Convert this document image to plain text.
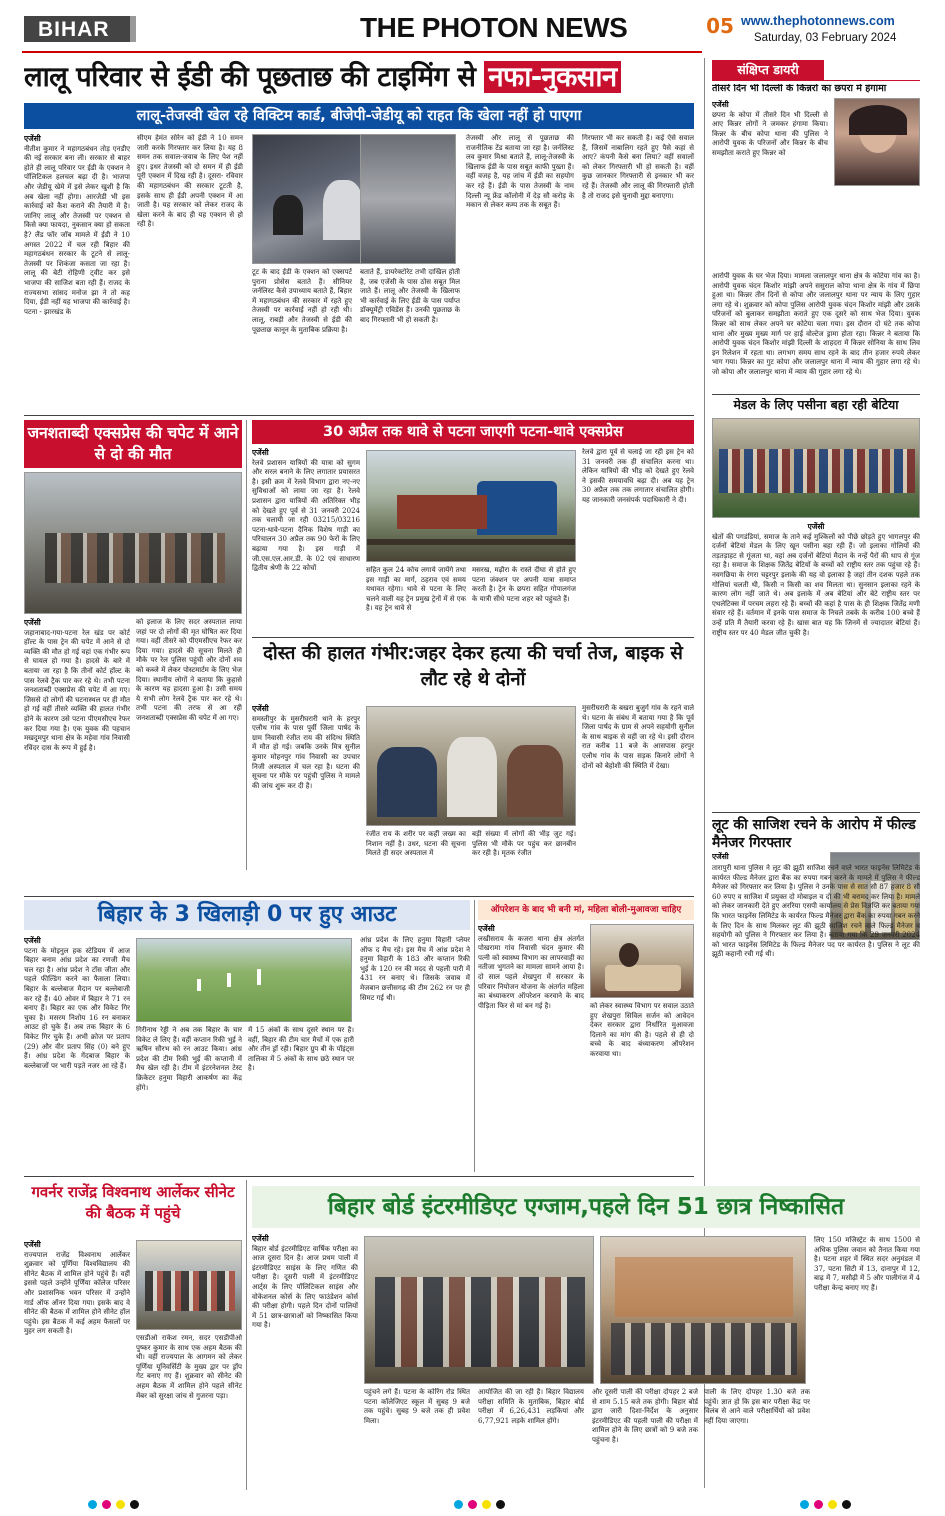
BIHAR	THE PHOTON NEWS	05 www.thephotonnews.com
Saturday, 03 February 2024
लालू परिवार से ईडी की पूछताछ की टाइमिंग से नफा-नुकसान
लालू-तेजस्वी खेल रहे विक्टिम कार्ड, बीजेपी-जेडीयू को राहत कि खेला नहीं हो पाएगा
एजेंसी
नीतीश कुमार ने महागठबंधन तोड़ एनडीए की नई सरकार बना ली। सरकार से बाहर होते ही लालू परिवार पर ईडी के एक्शन ने पॉलिटिकल हलचल बढ़ा दी है। भाजपा और जेडीयू खेमे में इसे लेकर खुशी है कि अब खेला नहीं होगा। आरजेडी भी इस कार्रवाई को कैश कराने की तैयारी में है। जानिए लालू और तेजस्वी पर एक्शन से किसे क्या फायदा, नुकसान क्या हो सकता है? लैंड फॉर जॉब मामले में ईडी ने 10 अगस्त 2022 में चल रही बिहार की महागठबंधन सरकार के टूटने से लालू-तेजस्वी पर शिकंजा कसता जा रहा है। लालू की बेटी रोहिणी ट्वीट कर इसे भाजपा की साजिश बता रही हैं। राजद के राज्यसभा सांसद मनोज झा ने तो कह दिया, ईडी नहीं यह भाजपा की कार्रवाई है। पटना - झारखंड के
सीएम हेमंत सोरेन को ईडी ने 10 समन जारी करके गिरफ्तार कर लिया है। यह 8 समन तक सवाल-जवाब के लिए पेश नहीं हुए। इधर तेजस्वी को दो समन में ही ईडी पूरी एक्शन में दिख रही है। दूसरा- रविवार की महागठबंधन की सरकार टूटती है, इसके साथ ही ईडी अपनी एक्शन में आ जाती है। यह सरकार को लेकर राजद के खेला करने के बाद ही यह एक्शन से हो रही है।
टूट के बाद ईडी के एक्शन को एक्सपर्ट पुराना प्रोसेस बताते हैं। सीनियर जर्नलिस्ट कैसे उपाध्याय बताते हैं, बिहार में महागठबंधन की सरकार में रहते हुए तेजस्वी पर कार्रवाई नहीं हो रही थी। लालू, राबड़ी और तेजस्वी से ईडी की पूछताछ कानून के मुताबिक प्रक्रिया है।
बताते हैं, डायरेक्टोरेट तभी दाखिल होती है, जब एजेंसी के पास ठोस सबूत मिल जाते हैं। लालू और तेजस्वी के खिलाफ भी कार्रवाई के लिए ईडी के पास पर्याप्त डॉक्यूमेंट्री एविडेंस हैं। उनकी पूछताछ के बाद गिरफ्तारी भी हो सकती है।
तेजस्वी और लालू से पूछताछ की राजनीतिक टेंड बताया जा रहा है। जर्नलिस्ट लव कुमार मिश्रा बताते हैं, लालू-तेजस्वी के खिलाफ ईडी के पास सबूत काफी पुख्ता हैं। वहीं वजह है, यह जांच में ईडी का सहयोग कर रहे हैं। ईडी के पास तेजस्वी के नाम दिल्ली न्यू फ्रेंड कॉलोनी में देड़ सौ करोड़ के मकान से लेकर कम्प तक के सबूत हैं।
गिरफ्तार भी कर सकती है। कई ऐसे सवाल हैं, जिसमें नाबालिग रहते हुए पैसे कहां से आए? कंपनी कैसे बना लिया? वहीं सवालों को लेकर गिरफ्तारी भी हो सकती है। वहीं कुछ जानकार गिरफ्तारी से इनकार भी कर रहे हैं। तेजस्वी और लालू की गिरफ्तारी होती है तो राजद इसे चुनावी मुद्दा बनाएगा।
संक्षिप्त डायरी
तीसरे दिन भी दिल्ली के किन्नरों का छपरा में हंगामा
एजेंसी
छपरा के कोपा में तीसरे दिन भी दिल्ली से आए किन्नर लोगों ने जमकर हंगामा किया। किन्नर के बीच कोपा थाना की पुलिस ने आरोपी युवक के परिजनों और किन्नर के बीच समझौता कराते हुए किन्नर को
आरोपी युवक के घर भेज दिया। मामला जलालपुर थाना क्षेत्र के कोटेया गांव का है। आरोपी युवक चंदन किशोर मांझी अपने ससुराल कोपा थाना क्षेत्र के गांव में छिपा हुआ था। किन्नर तीन दिनों से कोपा और जलालपुर थाना पर न्याय के लिए गुहार लगा रहे थे। शुक्रवार को कोपा पुलिस आरोपी युवक चंदन किशोर मांझी और उसके परिजनों को बुलाकर समझौता कराते हुए एक दूसरे को साथ भेज दिया। युवक किन्नर को साथ लेकर अपने घर कोटेया चला गया। इस दौरान दो घंटे तक कोपा थाना और मुख्य मुख्य मार्ग पर हाई वोल्टेज ड्रामा होता रहा। किन्नर ने बताया कि आरोपी युवक चंदन किशोर मांझी दिल्ली के शाहदरा में किन्नर सोनिया के साथ लिव इन रिलेशन में रहता था। लगभग समय साथ रहने के बाद तीन हजार रुपये लेकर भाग गया। किन्नर का गुट कोपा और जलालपुर थाना में न्याय की गुहार लगा रहे थे। जो कोपा और जलालपुर थाना में न्याय की गुहार लगा रहे थे।
मेडल के लिए पसीना बहा रही बेटिया
एजेंसी
खेतों की पगडंडियां, समाज के ताने कई मुश्किलों को पीछे छोड़ते हुए भागलपुर की दर्जनों बेटियां मेडल के लिए खून पसीना बहा रही हैं। जो इलाका गोलियों की तड़तड़ाहट से गूंजता था, वहां अब दर्जनों बेटियां मैदान के नन्हें पैरों की थाप से गूंज रहा है। समाज के शिक्षक जितेंद्र बेटियों के बच्चों को राष्ट्रीय स्तर तक पहुंचा रहे हैं। नवगछिया के रंगरा चट्टरपुर इलाके की यह वो इलाका है जहां तीन दशक पहले तक गोलियां चलती थी, किसी न किसी का शव मिलता था। सुनसान इलाका रहने के कारण लोग नहीं जाते थे। अब इलाके में अब बेटियां और बेटे राष्ट्रीय स्तर पर एथलेटिक्स में परचम लहरा रहे हैं। बच्चों की कहां है पास के ही शिक्षक जितेंद्र मणी संवार रहे हैं। वर्तमान में इनके पास समाज के निचले तबके के करीब 100 बच्चे हैं उन्हें प्रति मैं तैयारी करवा रहे हैं। खास बात यह कि जिनमें से ज्यादातर बेटियां हैं। राष्ट्रीय स्तर पर 40 मेडल जीत चुकी है।
लूट की साजिश रचने के आरोप में फील्ड मैनेजर गिरफ्तार
एजेंसी
तारापुरी थाना पुलिस ने लूट की झूठी साजिश रचने वाले भारत फाइनेंस लिमिटेड के कार्यरत फील्ड मैनेजर द्वारा बैंक का रुपया गबन करने के मामले में पुलिस ने फील्ड मैनेजर को गिरफ्तार कर लिया है। पुलिस ने उनके पास से सात सौ 87 हजार 8 सौ 60 रुपए व साजिश में प्रयुक्त दो मोबाइल व दो की भी बरामद कर लिया है। मामले को लेकर जानकारी देते हुए अररिया एसपी कार्यालय से प्रेस विज्ञप्ति कर बताया गया कि भारत फाइनेंस लिमिटेड के कार्यरत फिल्ड मैनेजर द्वारा बैंक का रुपया गबन करने के लिए दिन के साथ मिलकर लूट की झूठी साजिश रचने वाले फिल्ड मैनेजर व सहयोगी को पुलिस ने गिरफ्तार कर लिया है। बताया गया कि 29 जनवरी 2024 को भारत फाइनेंस लिमिटेड के फिल्ड मैनेजर पद पर कार्यरत है। पुलिस ने लूट की झूठी कहानी रची गई थी।
जनशताब्दी एक्सप्रेस की चपेट में आने से दो की मौत
एजेंसी
जहानाबाद-गया-पटना रेल खंड पर कोर्ट हॉल्ट के पास ट्रेन की चपेट में आने से दो व्यक्ति की मौत हो गई वहां एक गंभीर रूप से घायल हो गया है। हादसे के बारे में बताया जा रहा है कि तीनों कोर्ट हॉल्ट के पास रेलवे ट्रैक पार कर रहे थे। तभी पटना जनशताब्दी एक्सप्रेस की चपेट में आ गए। जिससे दो लोगों की घटनास्थल पर ही मौत हो गई वहीं तीसरे व्यक्ति की हालत गंभीर होने के कारण उसे पटना पीएमसीएच रेफर कर दिया गया है। एक युवक की पहचान मखदुमपुर थाना क्षेत्र के महेवा गांव निवासी रविंदर दास के रूप में हुई है।
को इलाज के लिए सदर अस्पताल लाया जहां पर दो लोगों की मृत घोषित कर दिया गया। वहीं तीसरे को पीएमसीएच रेफर कर दिया गया। हादसे की सूचना मिलते ही मौके पर रेल पुलिस पहुंची और दोनों शव को कब्जे में लेकर पोस्टमार्टम के लिए भेज दिया। स्थानीय लोगों ने बताया कि कुहासे के कारण यह हादसा हुआ है। उसी समय ये सभी लोग रेलवे ट्रैक पार कर रहे थे। तभी पटना की तरफ से आ रही जनशताब्दी एक्सप्रेस की चपेट में आ गए।
30 अप्रैल तक थावे से पटना जाएगी पटना-थावे एक्सप्रेस
एजेंसी
रेलवे प्रशासन यात्रियों की यात्रा को सुगम और सरल बनाने के लिए लगातार प्रयासरत है। इसी क्रम में रेलवे विभाग द्वारा नए-नए सुविधाओं को लाया जा रहा है। रेलवे प्रशासन द्वारा यात्रियों की अतिरिक्त भीड़ को देखते हुए पूर्व से 31 जनवरी 2024 तक चलायी जा रही 03215/03216 पटना-थावे-पटना दैनिक विशेष गाड़ी का परिचालन 30 अप्रैल तक 90 फेरों के लिए बढ़ाया गया है। इस गाड़ी में जी.एस.एल.आर.डी. के 02 एवं साधारण द्वितीय श्रेणी के 22 कोचों	सहित कुल 24 कोच लगाये जायेंगे तथा इस गाड़ी का मार्ग, ठहराव एवं समय यथावत रहेगा। थावे से पटना के लिए चलने वाली यह ट्रेन प्रमुख ट्रेनों में से एक है। यह ट्रेन थावे से
मसरख, मढ़ौरा के रास्ते दीघा से होते हुए पटना जंक्शन पर अपनी यात्रा समाप्त करती है। ट्रेन के छपरा सहित गोपालगंज के यात्री सीधे पटना शहर को पहुंचते हैं।
रेलवे द्वारा पूर्व से चलाई जा रही इस ट्रेन को 31 जनवरी तक ही संचालित करना था। लेकिन यात्रियों की भीड़ को देखते हुए रेलवे ने इसकी समयावधि बढ़ा दी। अब यह ट्रेन 30 अप्रैल तक तक लगातार संचालित होगी। यह जानकारी जनसंपर्क पदाधिकारी ने दी।
दोस्त की हालत गंभीर:जहर देकर हत्या की चर्चा तेज, बाइक से लौट रहे थे दोनों
एजेंसी
समस्तीपुर के मुसरीघरारी थाने के हरपुर एलौथ गांव के पास पूर्वी जिला पार्षद के ग्राम निवासी रंजीत राय की संदिग्ध स्थिति में मौत हो गई। जबकि उनके मित्र सुनील कुमार मोहनपुर गांव निवासी का उपचार निजी अस्पताल में चल रहा है। घटना की सूचना पर मौके पर पहुंची पुलिस ने मामले की जांच शुरू कर दी है।
रंजीत राय के शरीर पर कहीं जख्म का निशान नहीं है। उधर, घटना की सूचना मिलते ही सदर अस्पताल में
बड़ी संख्या में लोगों की भीड़ जुट गई। पुलिस भी मौके पर पहुंच कर छानबीन कर रही है। मृतक रंजीत
मुसरीघरारी के बखरा बुजुर्ग गांव के रहने वाले थे। घटना के संबंध में बताया गया है कि पूर्व जिला पार्षद के ग्राम से अपने सहयोगी सुनील के साथ बाइक से वहीं जा रहे थे। इसी दौरान रात करीब 11 बजे के आसपास हरपुर एलौथ गांव के पास सड़क किनारे लोगों ने दोनों को बेहोशी की स्थिति में देखा।
बिहार के 3 खिलाड़ी 0 पर हुए आउट
एजेंसी
पटना के मोइनुल हक स्टेडियम में आज बिहार बनाम आंध्र प्रदेश का रणजी मैच चल रहा है। आंध्र प्रदेश ने टॉस जीता और पहले फील्डिंग करने का फैसला लिया। बिहार के बल्लेबाज मैदान पर बल्लेबाजी कर रहे हैं। 40 ओवर में बिहार ने 71 रन बनाए हैं। बिहार का एक और विकेट गिर चुका है। मसरम निशोय 16 रन बनाकर आउट हो चुके हैं। अब तक बिहार के 6 विकेट गिर चुके हैं। अभी क्रोज पर प्रताप (29) और वीर प्रताप सिंह (0) बने हुए हैं। आंध्र प्रदेश के गेंदबाज बिहार के बल्लेबाजों पर भारी पड़ते नजर आ रहे हैं।
गिरीनाथ रेड्डी ने अब तक बिहार के चार विकेट ले लिए हैं। वहीं कप्तान रिकी भुई ने ऋषिन सौरभ को रन आउट किया। आंध्र प्रदेश की टीम रिकी भुई की कप्तानी में मैच खेल रही है। टीम में इंटरनेशनल टेस्ट क्रिकेटर हनुमा विहारी आकर्षण का केंद्र होंगे।
में 15 अंकों के साथ दूसरे स्थान पर है। वहीं, बिहार की टीम चार मैचों में एक हारी और तीन ड्रॉ रही। बिहार ग्रुप बी के पॉइंट्स तालिका में 5 अंकों के साथ छठे स्थान पर है।
आंध्र प्रदेश के लिए हनुमा विहारी प्लेयर ऑफ द मैच रहे। इस मैच में आंध्र प्रदेश ने हनुमा विहारी के 183 और कप्तान रिकी भुई के 120 रन की मदद से पहली पारी में 431 रन बनाए थे। जिसके जवाब में मेजबान छत्तीसगढ़ की टीम 262 रन पर ही सिमट गई थी।
ऑपरेशन के बाद भी बनी मां, महिला बोली-मुआवजा चाहिए
एजेंसी
लखीसराय के कजरा थाना क्षेत्र अंतर्गत पोखरामा गांव निवासी चंदन कुमार की पत्नी को स्वास्थ्य विभाग का लापरवाही का नतीजा भुगतने का मामला सामने आया है। दो साल पहले शेखपुरा में सरकार के परिवार नियोजन योजना के अंतर्गत महिला का बंध्याकरण ऑपरेशन करवाने के बाद पीड़िता फिर से मां बन गई है।	को लेकर स्वास्थ्य विभाग पर सवाल उठाते हुए शेखपुरा सिविल सर्जन को आवेदन देकर सरकार द्वारा निर्धारित मुआवजा दिलाने का मांग की है। पहले से ही दो बच्चे के बाद बंध्याकरण ऑपरेशन करवाया था।
गवर्नर राजेंद्र विश्वनाथ आर्लेकर सीनेट की बैठक में पहुंचे
एजेंसी
राज्यपाल राजेंद्र विश्वनाथ आर्लेकर शुक्रवार को पूर्णिया विश्वविद्यालय की सीनेट बैठक में शामिल होने पहुंचे हैं। वहीं इससे पहले उन्होंने पूर्णिया कॉलेज परिसर और प्रशासनिक भवन परिसर में उन्होंने गार्ड ऑफ ऑनर दिया गया। इसके बाद वे सीनेट की बैठक में शामिल होने सीनेट हॉल पहुंचे। इस बैठक में कई अहम फैसलों पर मुहर लग सकती है।
एसडीओ राकेश रमन, सदर एसडीपीओ पुष्कर कुमार के साथ एक अहम बैठक की थी। वहीं राज्यपाल के आगमन को लेकर पूर्णिया यूनिवर्सिटी के मुख्य द्वार पर ड्रॉप गेट बनाए गए हैं। शुक्रवार को सीनेट की अहम बैठक में शामिल होने पहले सीनेट मेंबर को सुरक्षा जांच से गुजरना पड़ा।
बिहार बोर्ड इंटरमीडिएट एग्जाम,पहले दिन 51 छात्र निष्कासित
एजेंसी
बिहार बोर्ड इंटरमीडिएट वार्षिक परीक्षा का आज दूसरा दिन है। आज प्रथम पाली में इंटरमीडिएट साइंस के लिए गणित की परीक्षा है। दूसरी पाली में इंटरमीडिएट आर्ट्स के लिए पॉलिटिकल साइंस और वोकेशनल कोर्स के लिए फाउंडेशन कोर्स की परीक्षा होगी। पहले दिन दोनों पालियों में 51 छात्र-छात्राओं को निष्कासित किया गया है।
पहुंचने लगे हैं। पटना के कोरिंग रोड स्थित पटना कॉलेजिएट स्कूल में सुबह 9 बजे तक पहुंचे। सुबह 9 बजे तक ही प्रवेश मिला।
आयोजित की जा रही है। बिहार विद्यालय परीक्षा समिति के मुताबिक, बिहार बोर्ड परीक्षा में 6,26,431 लड़कियां और 6,77,921 लड़के शामिल होंगे।
और दूसरी पाली की परीक्षा दोपहर 2 बजे से शाम 5.15 बजे तक होगी। बिहार बोर्ड द्वारा जारी दिशा-निर्देश के अनुसार इंटरमीडिएट की पहली पाली की परीक्षा में शामिल होने के लिए छात्रों को 9 बजे तक पहुंचना है।
पाली के लिए दोपहर 1.30 बजे तक पहुंचें। ज्ञात हो कि इस बार परीक्षा केंद्र पर विलंब से आने वाले परीक्षार्थियों को प्रवेश नहीं दिया जाएगा।
लिए 150 मजिस्ट्रेट के साथ 1500 से अधिक पुलिस जवान को तैनात किया गया है। पटना शहर में स्थित सदर अनुमंडल में 37, पटना सिटी में 13, दानापुर में 12, बाढ़ में 7, मसौढ़ी में 5 और पालीगंज में 4 परीक्षा केन्द्र बनाए गए हैं।
